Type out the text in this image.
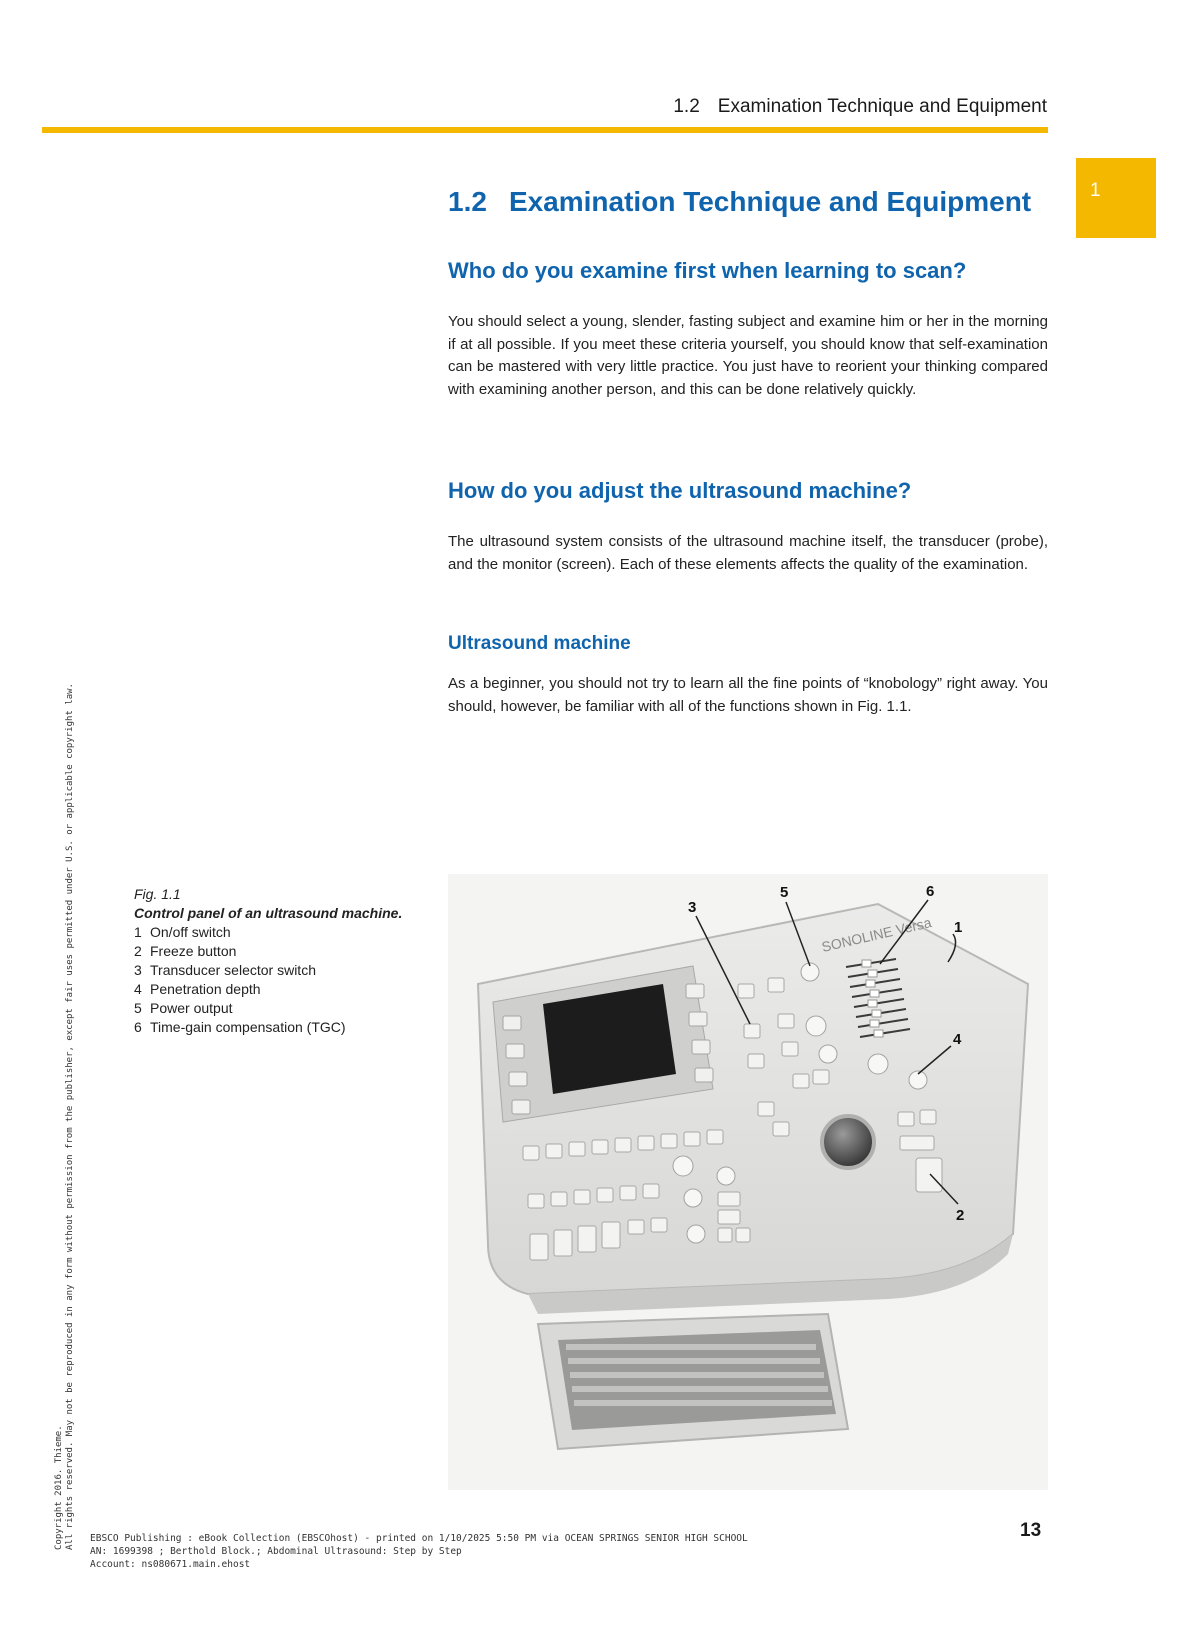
1.2 Examination Technique and Equipment
1
1.2 Examination Technique and Equipment
Who do you examine first when learning to scan?

You should select a young, slender, fasting subject and examine him or her in the morning if at all possible. If you meet these criteria yourself, you should know that self-examination can be mastered with very little practice. You just have to reorient your thinking compared with examining another person, and this can be done relatively quickly.

How do you adjust the ultrasound machine?

The ultrasound system consists of the ultrasound machine itself, the transducer (probe), and the monitor (screen). Each of these elements affects the quality of the examination.

Ultrasound machine

As a beginner, you should not try to learn all the fine points of “knobology” right away. You should, however, be familiar with all of the functions shown in Fig. 1.1.

Fig. 1.1
Control panel of an ultrasound machine.
1 On/off switch
2 Freeze button
3 Transducer selector switch
4 Penetration depth
5 Power output
6 Time-gain compensation (TGC)
SONOLINE Versa
3
5	6
1
4
2
Copyright 2016. Thieme. All rights reserved. May not be reproduced in any form without permission from the publisher, except fair uses permitted under U.S. or applicable copyright law. EBSCO Publishing : eBook Collection (EBSCOhost) - printed on 1/10/2025 5:50 PM via OCEAN SPRINGS SENIOR HIGH SCHOOL
AN: 1699398 ; Berthold Block.; Abdominal Ultrasound: Step by Step
Account: ns080671.main.ehost
13
